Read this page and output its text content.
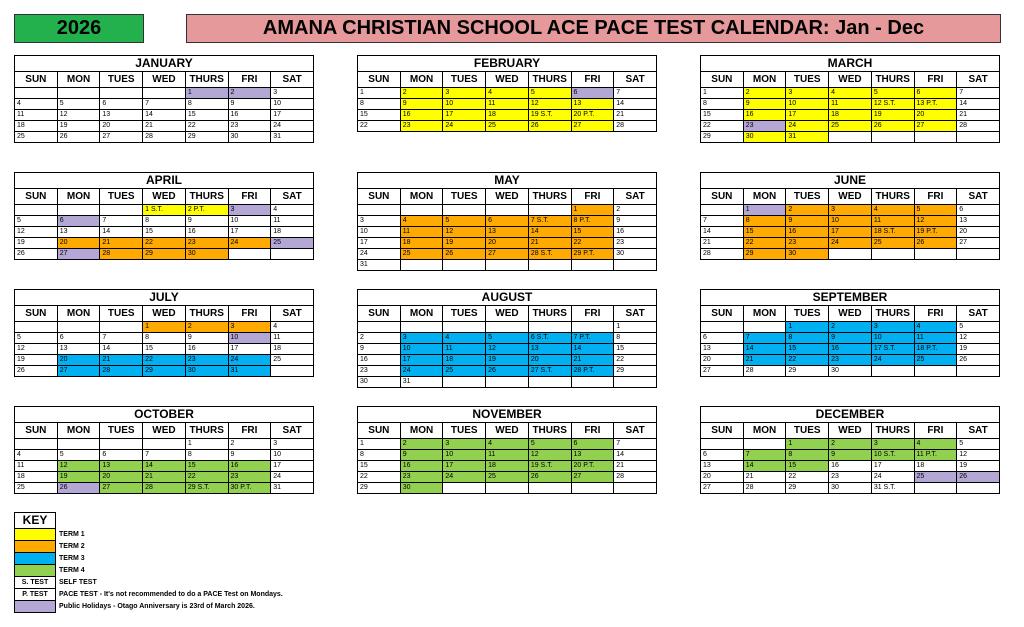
2026	AMANA CHRISTIAN SCHOOL ACE PACE TEST CALENDAR: Jan - Dec
JANUARY						
SUN	MON	TUES	WED	THURS	FRI	SAT
				1	2	3
4	5	6	7	8	9	10
11	12	13	14	15	16	17
18	19	20	21	22	23	24
25	26	27	28	29	30	31
FEBRUARY						
SUN	MON	TUES	WED	THURS	FRI	SAT
1	2	3	4	5	6	7
8	9	10	11	12	13	14
15	16	17	18	19 S.T.	20 P.T.	21
22	23	24	25	26	27	28
MARCH						
SUN	MON	TUES	WED	THURS	FRI	SAT
1	2	3	4	5	6	7
8	9	10	11	12 S.T.	13 P.T.	14
15	16	17	18	19	20	21
22	23	24	25	26	27	28
29	30	31				
APRIL						
SUN	MON	TUES	WED	THURS	FRI	SAT
			1 S.T.	2 P.T.	3	4
5	6	7	8	9	10	11
12	13	14	15	16	17	18
19	20	21	22	23	24	25
26	27	28	29	30		
MAY						
SUN	MON	TUES	WED	THURS	FRI	SAT
					1	2
3	4	5	6	7 S.T.	8 P.T.	9
10	11	12	13	14	15	16
17	18	19	20	21	22	23
24	25	26	27	28 S.T.	29 P.T.	30
31						
JUNE						
SUN	MON	TUES	WED	THURS	FRI	SAT
	1	2	3	4	5	6
7	8	9	10	11	12	13
14	15	16	17	18 S.T.	19 P.T.	20
21	22	23	24	25	26	27
28	29	30				
JULY						
SUN	MON	TUES	WED	THURS	FRI	SAT
			1	2	3	4
5	6	7	8	9	10	11
12	13	14	15	16	17	18
19	20	21	22	23	24	25
26	27	28	29	30	31	
AUGUST						
SUN	MON	TUES	WED	THURS	FRI	SAT
						1
2	3	4	5	6 S.T.	7 P.T.	8
9	10	11	12	13	14	15
16	17	18	19	20	21	22
23	24	25	26	27 S.T.	28 P.T.	29
30	31					
SEPTEMBER						
SUN	MON	TUES	WED	THURS	FRI	SAT
		1	2	3	4	5
6	7	8	9	10	11	12
13	14	15	16	17 S.T.	18 P.T.	19
20	21	22	23	24	25	26
27	28	29	30			
OCTOBER						
SUN	MON	TUES	WED	THURS	FRI	SAT
				1	2	3
4	5	6	7	8	9	10
11	12	13	14	15	16	17
18	19	20	21	22	23	24
25	26	27	28	29 S.T.	30 P.T.	31
NOVEMBER						
SUN	MON	TUES	WED	THURS	FRI	SAT
1	2	3	4	5	6	7
8	9	10	11	12	13	14
15	16	17	18	19 S.T.	20 P.T.	21
22	23	24	25	26	27	28
29	30					
DECEMBER						
SUN	MON	TUES	WED	THURS	FRI	SAT
		1	2	3	4	5
6	7	8	9	10 S.T.	11 P.T.	12
13	14	15	16	17	18	19
20	21	22	23	24	25	26
27	28	29	30	31 S.T.		
KEY	
	TERM 1
	TERM 2
	TERM 3
	TERM 4
S. TEST	SELF TEST
P. TEST	PACE TEST - It's not recommended to do a PACE Test on Mondays.
	Public Holidays - Otago Anniversary is 23rd of March 2026.
